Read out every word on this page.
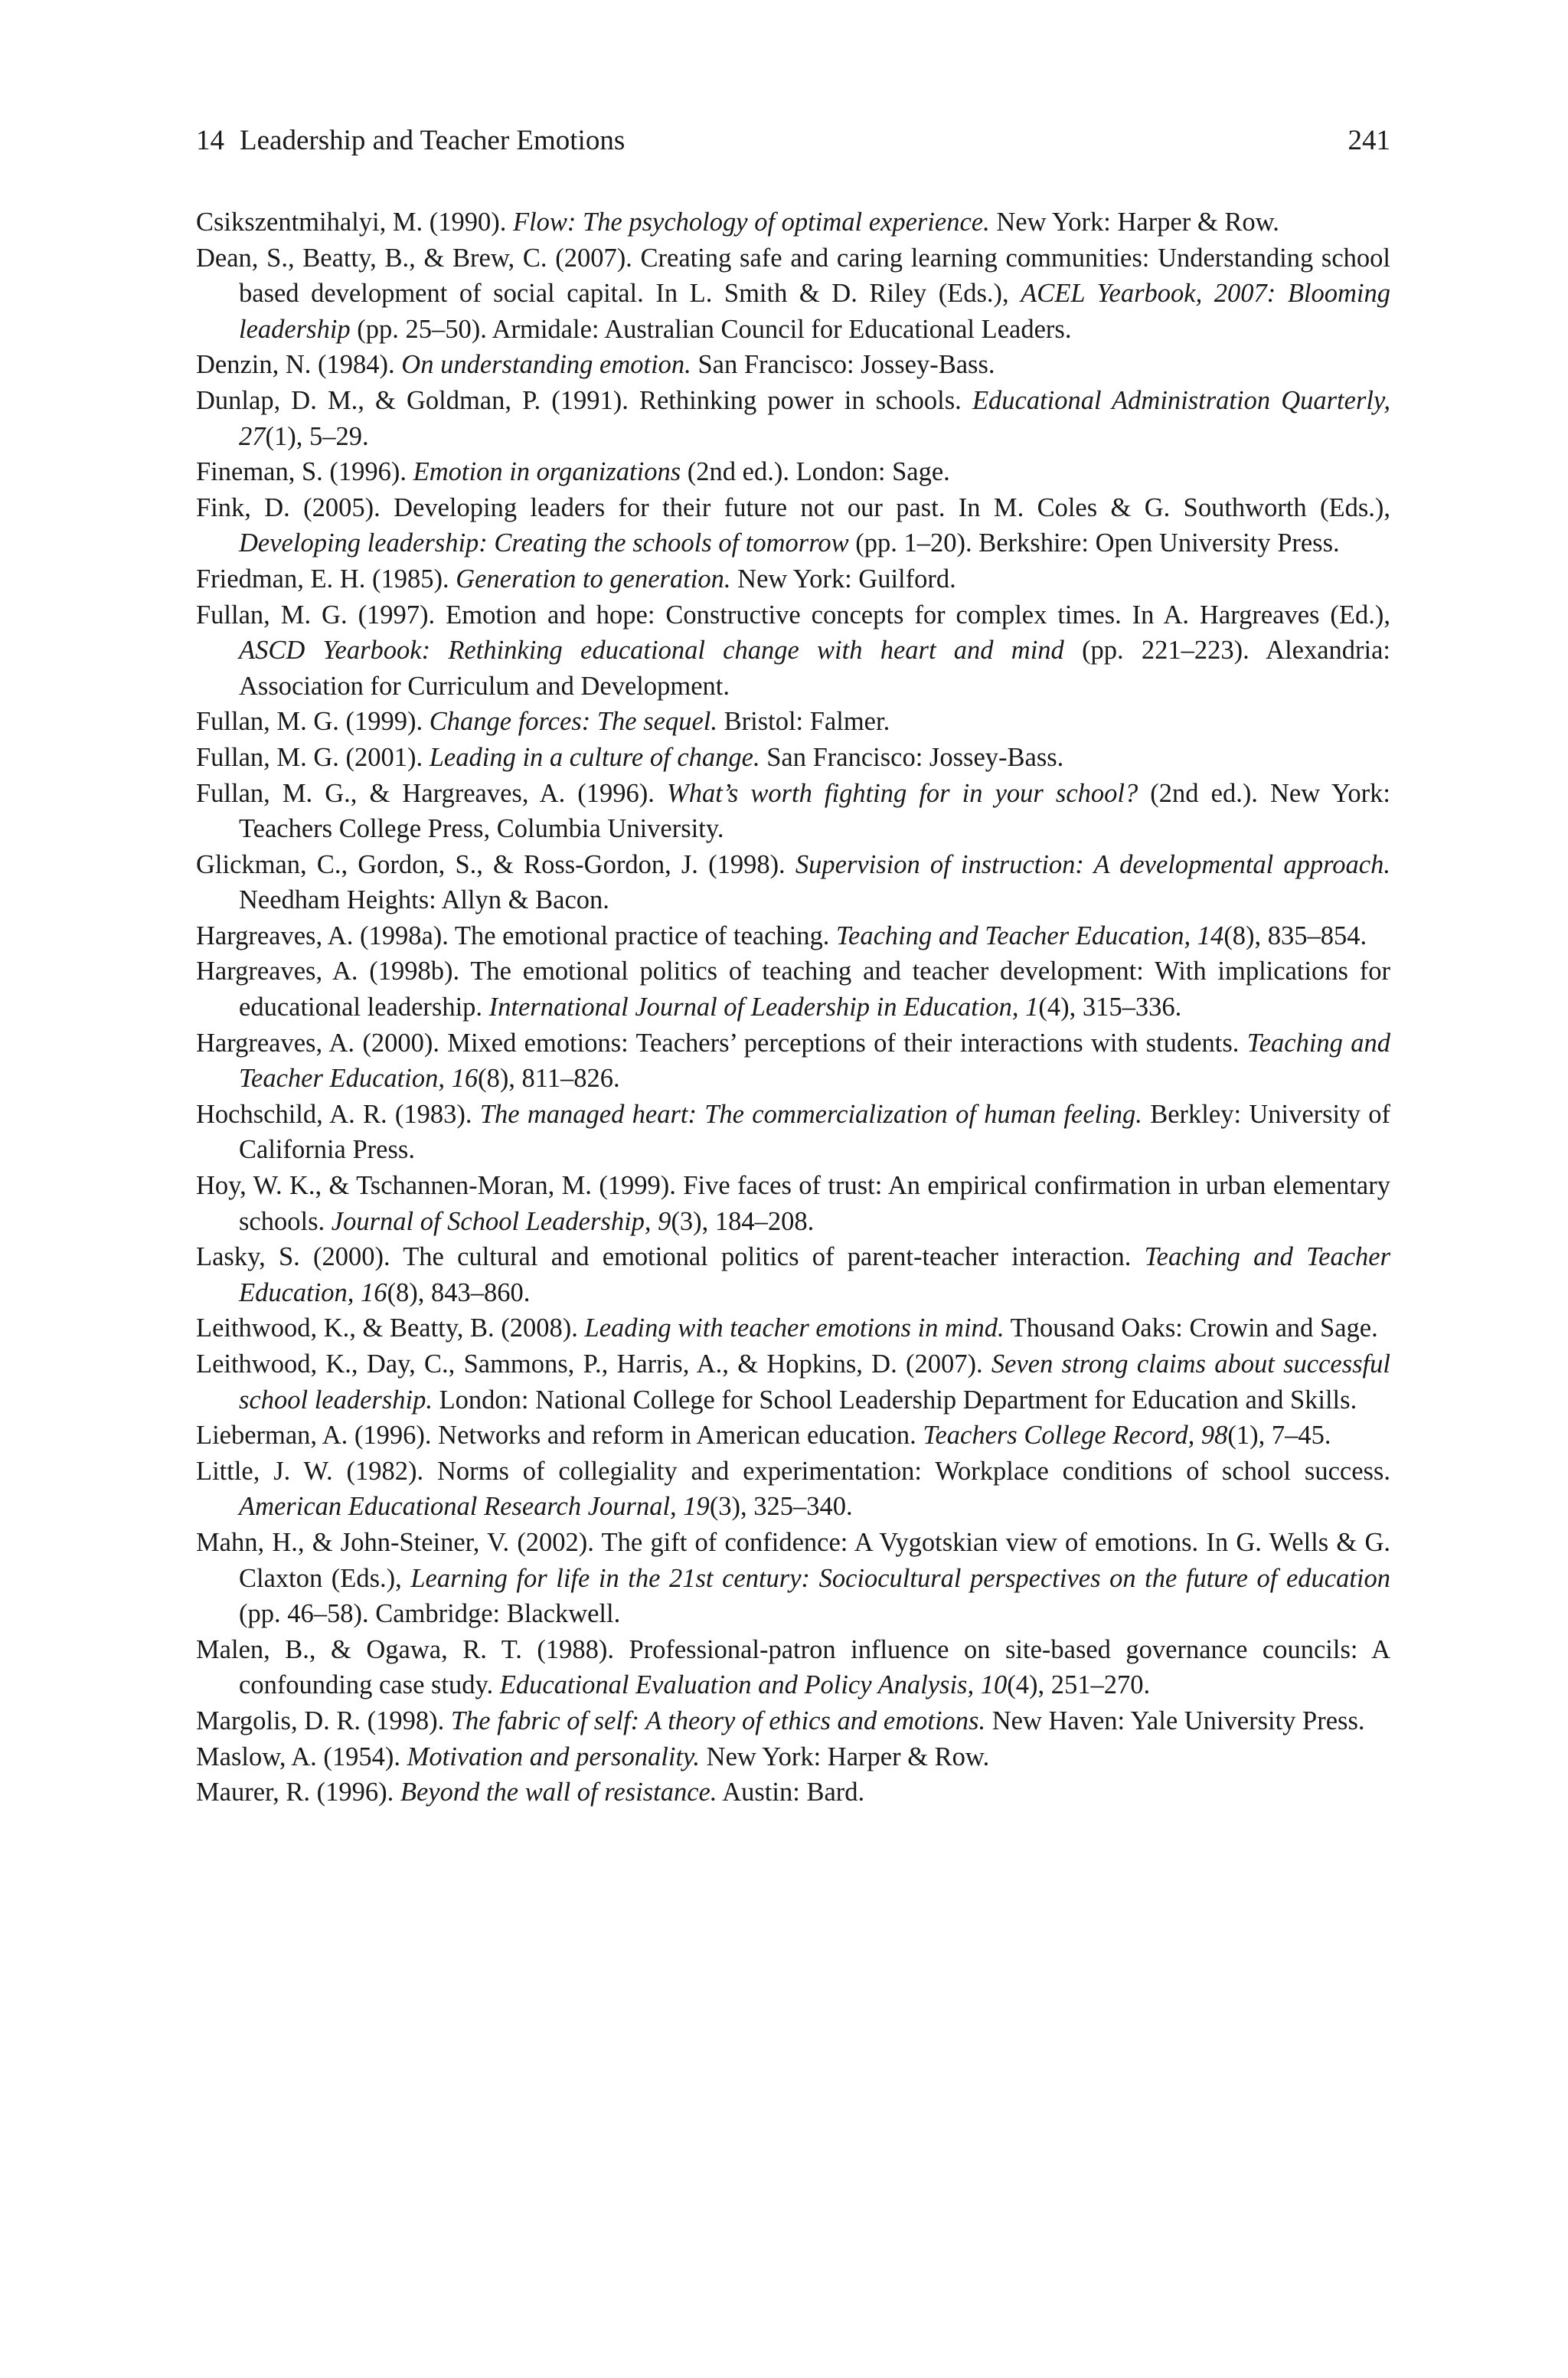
14 Leadership and Teacher Emotions	241
Csikszentmihalyi, M. (1990). Flow: The psychology of optimal experience. New York: Harper & Row.
Dean, S., Beatty, B., & Brew, C. (2007). Creating safe and caring learning communities: Understanding school based development of social capital. In L. Smith & D. Riley (Eds.), ACEL Yearbook, 2007: Blooming leadership (pp. 25–50). Armidale: Australian Council for Educational Leaders.
Denzin, N. (1984). On understanding emotion. San Francisco: Jossey-Bass.
Dunlap, D. M., & Goldman, P. (1991). Rethinking power in schools. Educational Administration Quarterly, 27(1), 5–29.
Fineman, S. (1996). Emotion in organizations (2nd ed.). London: Sage.
Fink, D. (2005). Developing leaders for their future not our past. In M. Coles & G. Southworth (Eds.), Developing leadership: Creating the schools of tomorrow (pp. 1–20). Berkshire: Open University Press.
Friedman, E. H. (1985). Generation to generation. New York: Guilford.
Fullan, M. G. (1997). Emotion and hope: Constructive concepts for complex times. In A. Hargreaves (Ed.), ASCD Yearbook: Rethinking educational change with heart and mind (pp. 221–223). Alexandria: Association for Curriculum and Development.
Fullan, M. G. (1999). Change forces: The sequel. Bristol: Falmer.
Fullan, M. G. (2001). Leading in a culture of change. San Francisco: Jossey-Bass.
Fullan, M. G., & Hargreaves, A. (1996). What’s worth fighting for in your school? (2nd ed.). New York: Teachers College Press, Columbia University.
Glickman, C., Gordon, S., & Ross-Gordon, J. (1998). Supervision of instruction: A developmental approach. Needham Heights: Allyn & Bacon.
Hargreaves, A. (1998a). The emotional practice of teaching. Teaching and Teacher Education, 14(8), 835–854.
Hargreaves, A. (1998b). The emotional politics of teaching and teacher development: With implications for educational leadership. International Journal of Leadership in Education, 1(4), 315–336.
Hargreaves, A. (2000). Mixed emotions: Teachers’ perceptions of their interactions with students. Teaching and Teacher Education, 16(8), 811–826.
Hochschild, A. R. (1983). The managed heart: The commercialization of human feeling. Berkley: University of California Press.
Hoy, W. K., & Tschannen-Moran, M. (1999). Five faces of trust: An empirical confirmation in urban elementary schools. Journal of School Leadership, 9(3), 184–208.
Lasky, S. (2000). The cultural and emotional politics of parent-teacher interaction. Teaching and Teacher Education, 16(8), 843–860.
Leithwood, K., & Beatty, B. (2008). Leading with teacher emotions in mind. Thousand Oaks: Crowin and Sage.
Leithwood, K., Day, C., Sammons, P., Harris, A., & Hopkins, D. (2007). Seven strong claims about successful school leadership. London: National College for School Leadership Department for Education and Skills.
Lieberman, A. (1996). Networks and reform in American education. Teachers College Record, 98(1), 7–45.
Little, J. W. (1982). Norms of collegiality and experimentation: Workplace conditions of school success. American Educational Research Journal, 19(3), 325–340.
Mahn, H., & John-Steiner, V. (2002). The gift of confidence: A Vygotskian view of emotions. In G. Wells & G. Claxton (Eds.), Learning for life in the 21st century: Sociocultural perspectives on the future of education (pp. 46–58). Cambridge: Blackwell.
Malen, B., & Ogawa, R. T. (1988). Professional-patron influence on site-based governance councils: A confounding case study. Educational Evaluation and Policy Analysis, 10(4), 251–270.
Margolis, D. R. (1998). The fabric of self: A theory of ethics and emotions. New Haven: Yale University Press.
Maslow, A. (1954). Motivation and personality. New York: Harper & Row.
Maurer, R. (1996). Beyond the wall of resistance. Austin: Bard.
